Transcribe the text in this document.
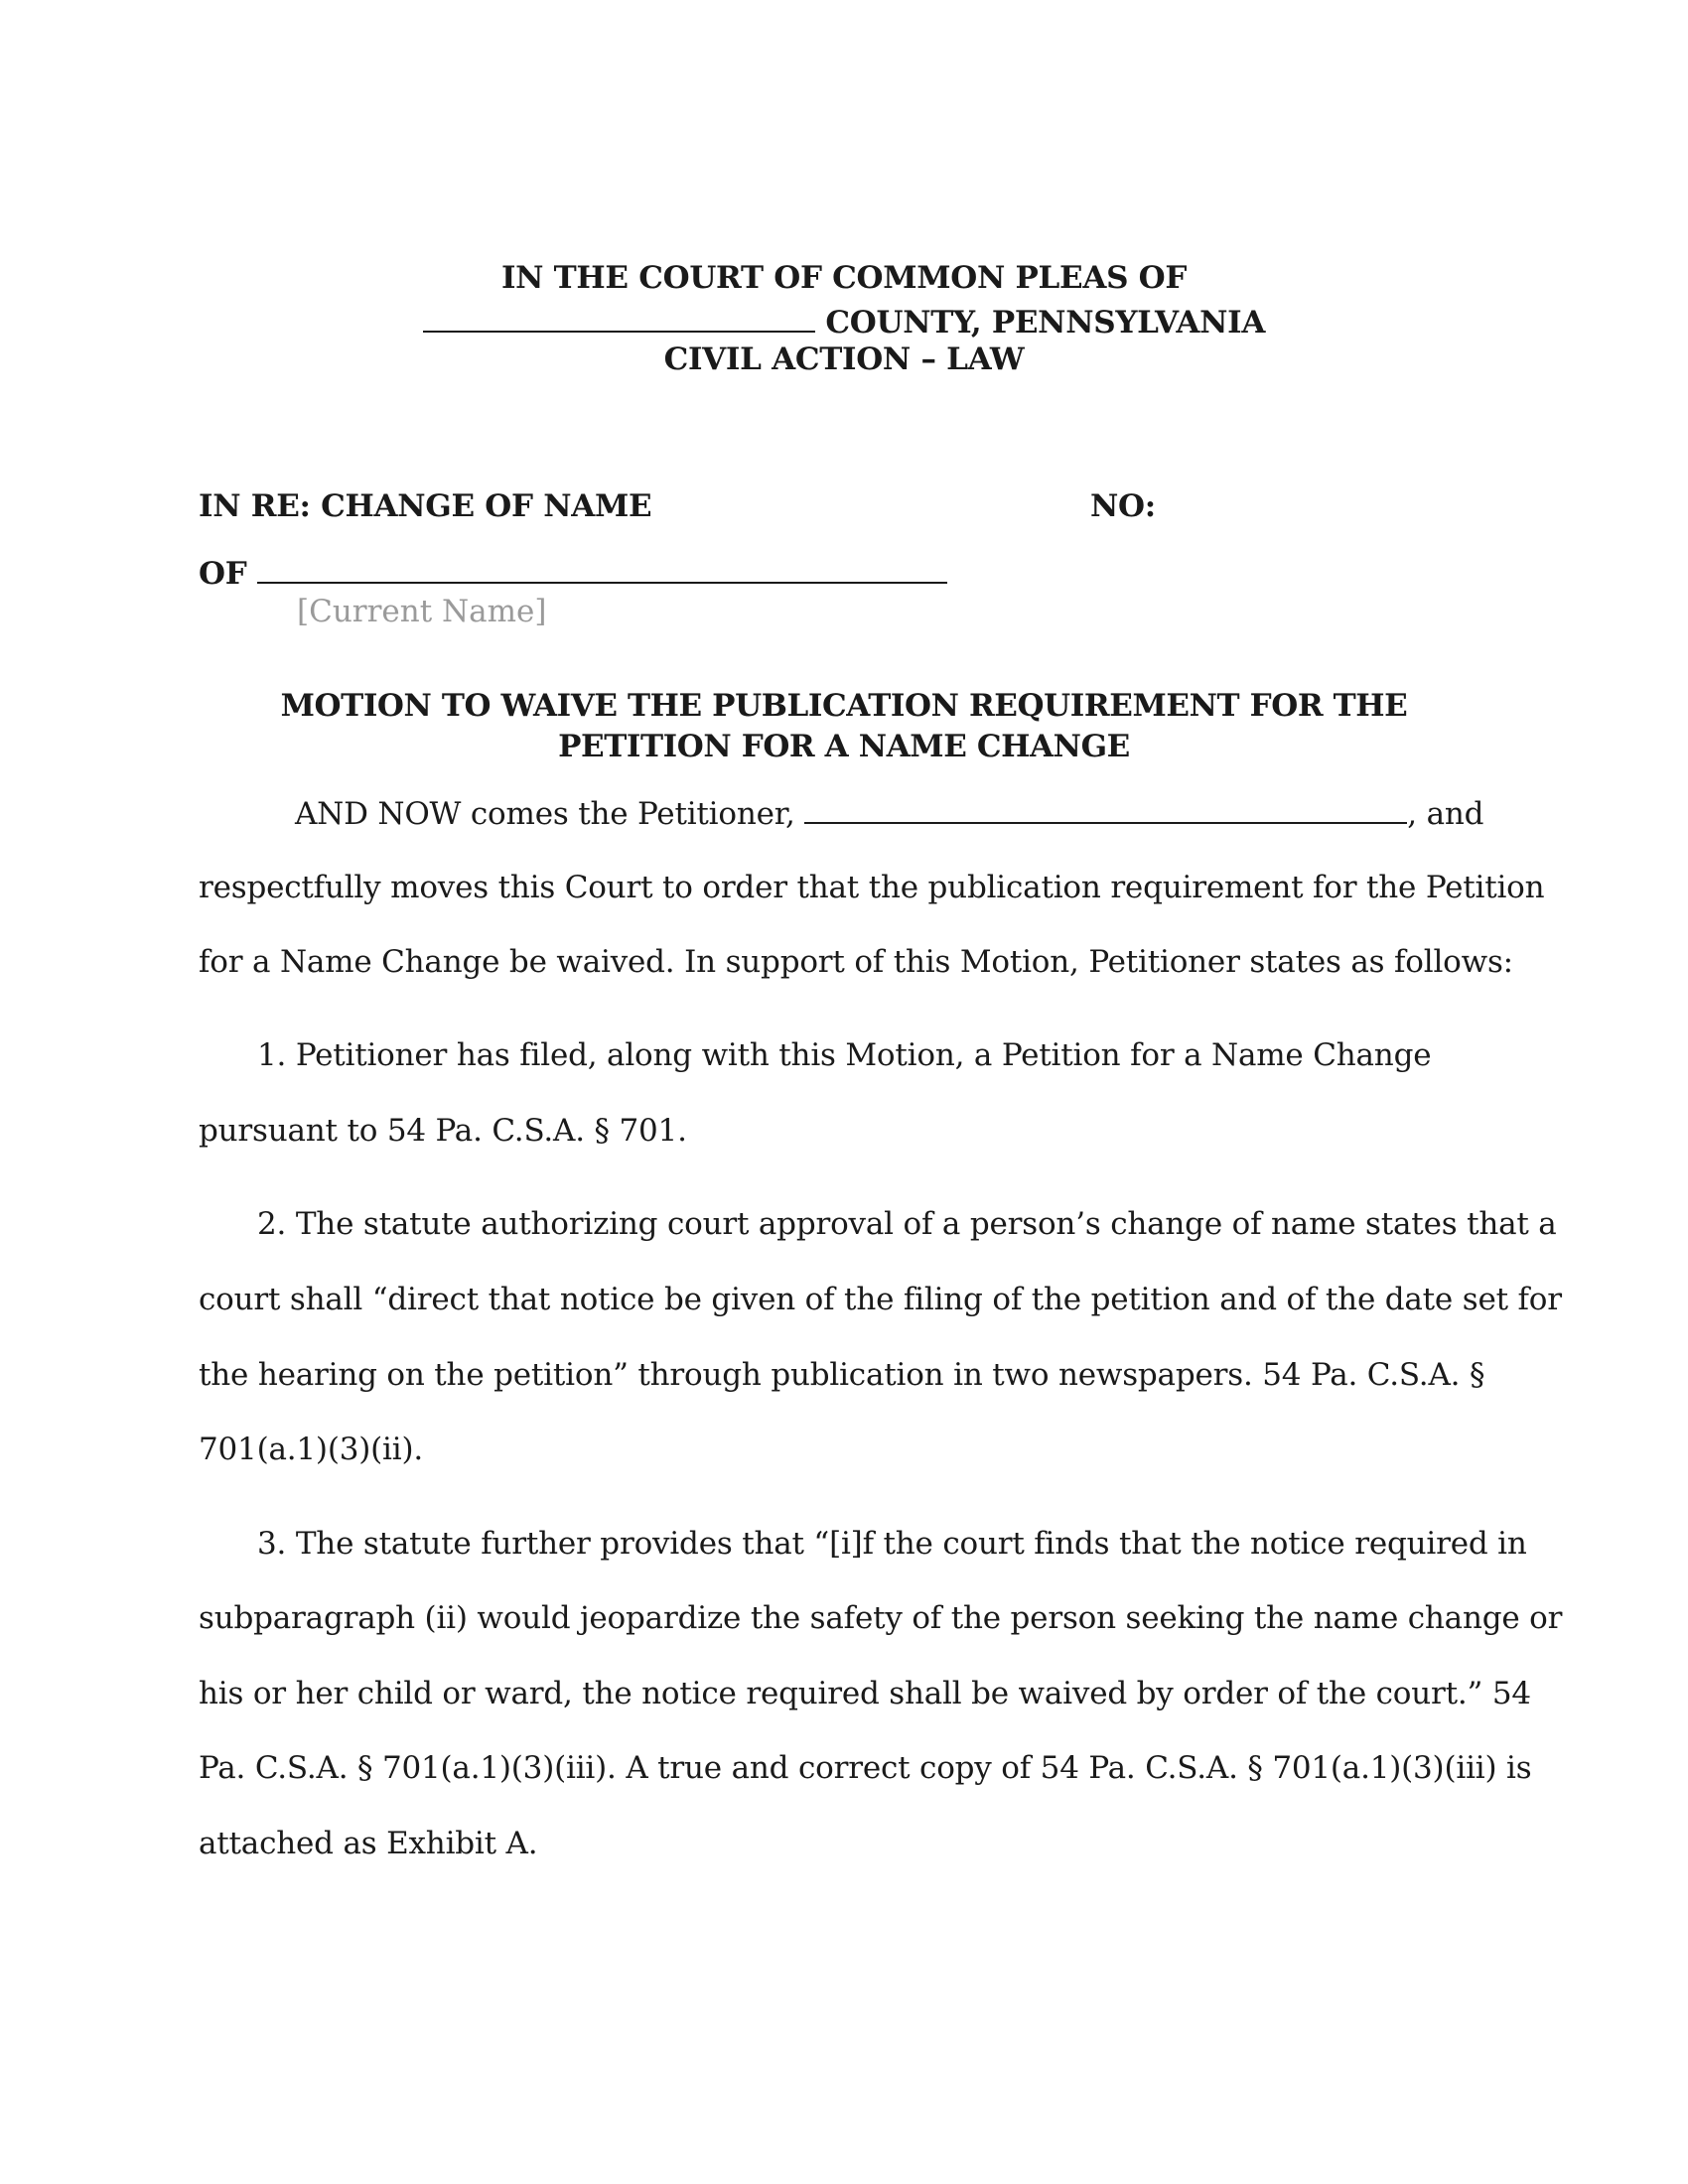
IN THE COURT OF COMMON PLEAS OF
COUNTY, PENNSYLVANIA
CIVIL ACTION – LAW
IN RE: CHANGE OF NAME	NO:
OF
[Current Name]
MOTION TO WAIVE THE PUBLICATION REQUIREMENT FOR THE
PETITION FOR A NAME CHANGE
AND NOW comes the Petitioner,	, and
respectfully moves this Court to order that the publication requirement for the Petition
for a Name Change be waived. In support of this Motion, Petitioner states as follows:
1. Petitioner has filed, along with this Motion, a Petition for a Name Change
pursuant to 54 Pa. C.S.A. § 701.
2. The statute authorizing court approval of a person’s change of name states that a
court shall “direct that notice be given of the filing of the petition and of the date set for
the hearing on the petition” through publication in two newspapers. 54 Pa. C.S.A. §
701(a.1)(3)(ii).
3. The statute further provides that “[i]f the court finds that the notice required in
subparagraph (ii) would jeopardize the safety of the person seeking the name change or
his or her child or ward, the notice required shall be waived by order of the court.” 54
Pa. C.S.A. § 701(a.1)(3)(iii). A true and correct copy of 54 Pa. C.S.A. § 701(a.1)(3)(iii) is
attached as Exhibit A.
